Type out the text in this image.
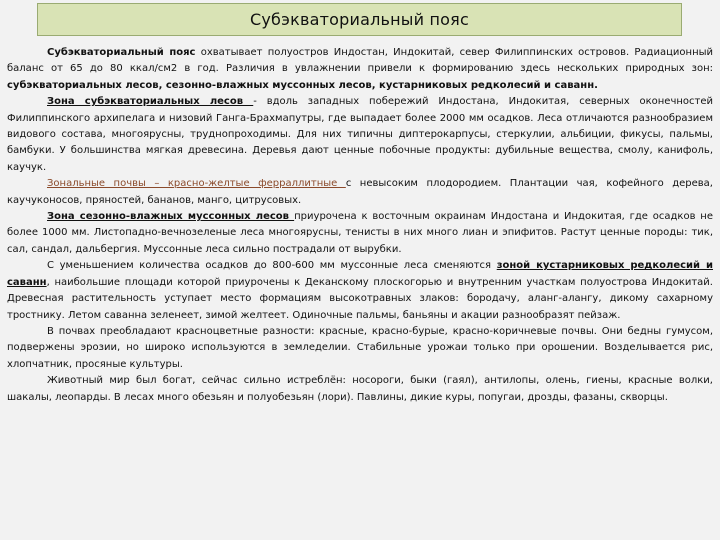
Субэкваториальный пояс

Субэкваториальный пояс охватывает полуостров Индостан, Индокитай, север Филиппинских островов. Радиационный баланс от 65 до 80 ккал/см2 в год. Различия в увлажнении привели к формированию здесь нескольких природных зон: субэкваториальных лесов, сезонно-влажных муссонных лесов, кустарниковых редколесий и саванн.

Зона субэкваториальных лесов - вдоль западных побережий Индостана, Индокитая, северных оконечностей Филиппинского архипелага и низовий Ганга-Брахмапутры, где выпадает более 2000 мм осадков. Леса отличаются разнообразием видового состава, многоярусны, труднопроходимы. Для них типичны диптерокарпусы, стеркулии, альбиции, фикусы, пальмы, бамбуки. У большинства мягкая древесина. Деревья дают ценные побочные продукты: дубильные вещества, смолу, канифоль, каучук.

Зональные почвы – красно-желтые ферраллитные с невысоким плодородием. Плантации чая, кофейного дерева, каучуконосов, пряностей, бананов, манго, цитрусовых.

Зона сезонно-влажных муссонных лесов приурочена к восточным окраинам Индостана и Индокитая, где осадков не более 1000 мм. Листопадно-вечнозеленые леса многоярусны, тенисты в них много лиан и эпифитов. Растут ценные породы: тик, сал, сандал, дальбергия. Муссонные леса сильно пострадали от вырубки.

С уменьшением количества осадков до 800-600 мм муссонные леса сменяются зоной кустарниковых редколесий и саванн, наибольшие площади которой приурочены к Деканскому плоскогорью и внутренним участкам полуострова Индокитай. Древесная растительность уступает место формациям высокотравных злаков: бородачу, аланг-алангу, дикому сахарному тростнику. Летом саванна зеленеет, зимой желтеет. Одиночные пальмы, баньяны и акации разнообразят пейзаж.

В почвах преобладают красноцветные разности: красные, красно-бурые, красно-коричневые почвы. Они бедны гумусом, подвержены эрозии, но широко используются в земледелии. Стабильные урожаи только при орошении. Возделывается рис, хлопчатник, просяные культуры.

Животный мир был богат, сейчас сильно истреблён: носороги, быки (гаял), антилопы, олень, гиены, красные волки, шакалы, леопарды. В лесах много обезьян и полуобезьян (лори). Павлины, дикие куры, попугаи, дрозды, фазаны, скворцы.
